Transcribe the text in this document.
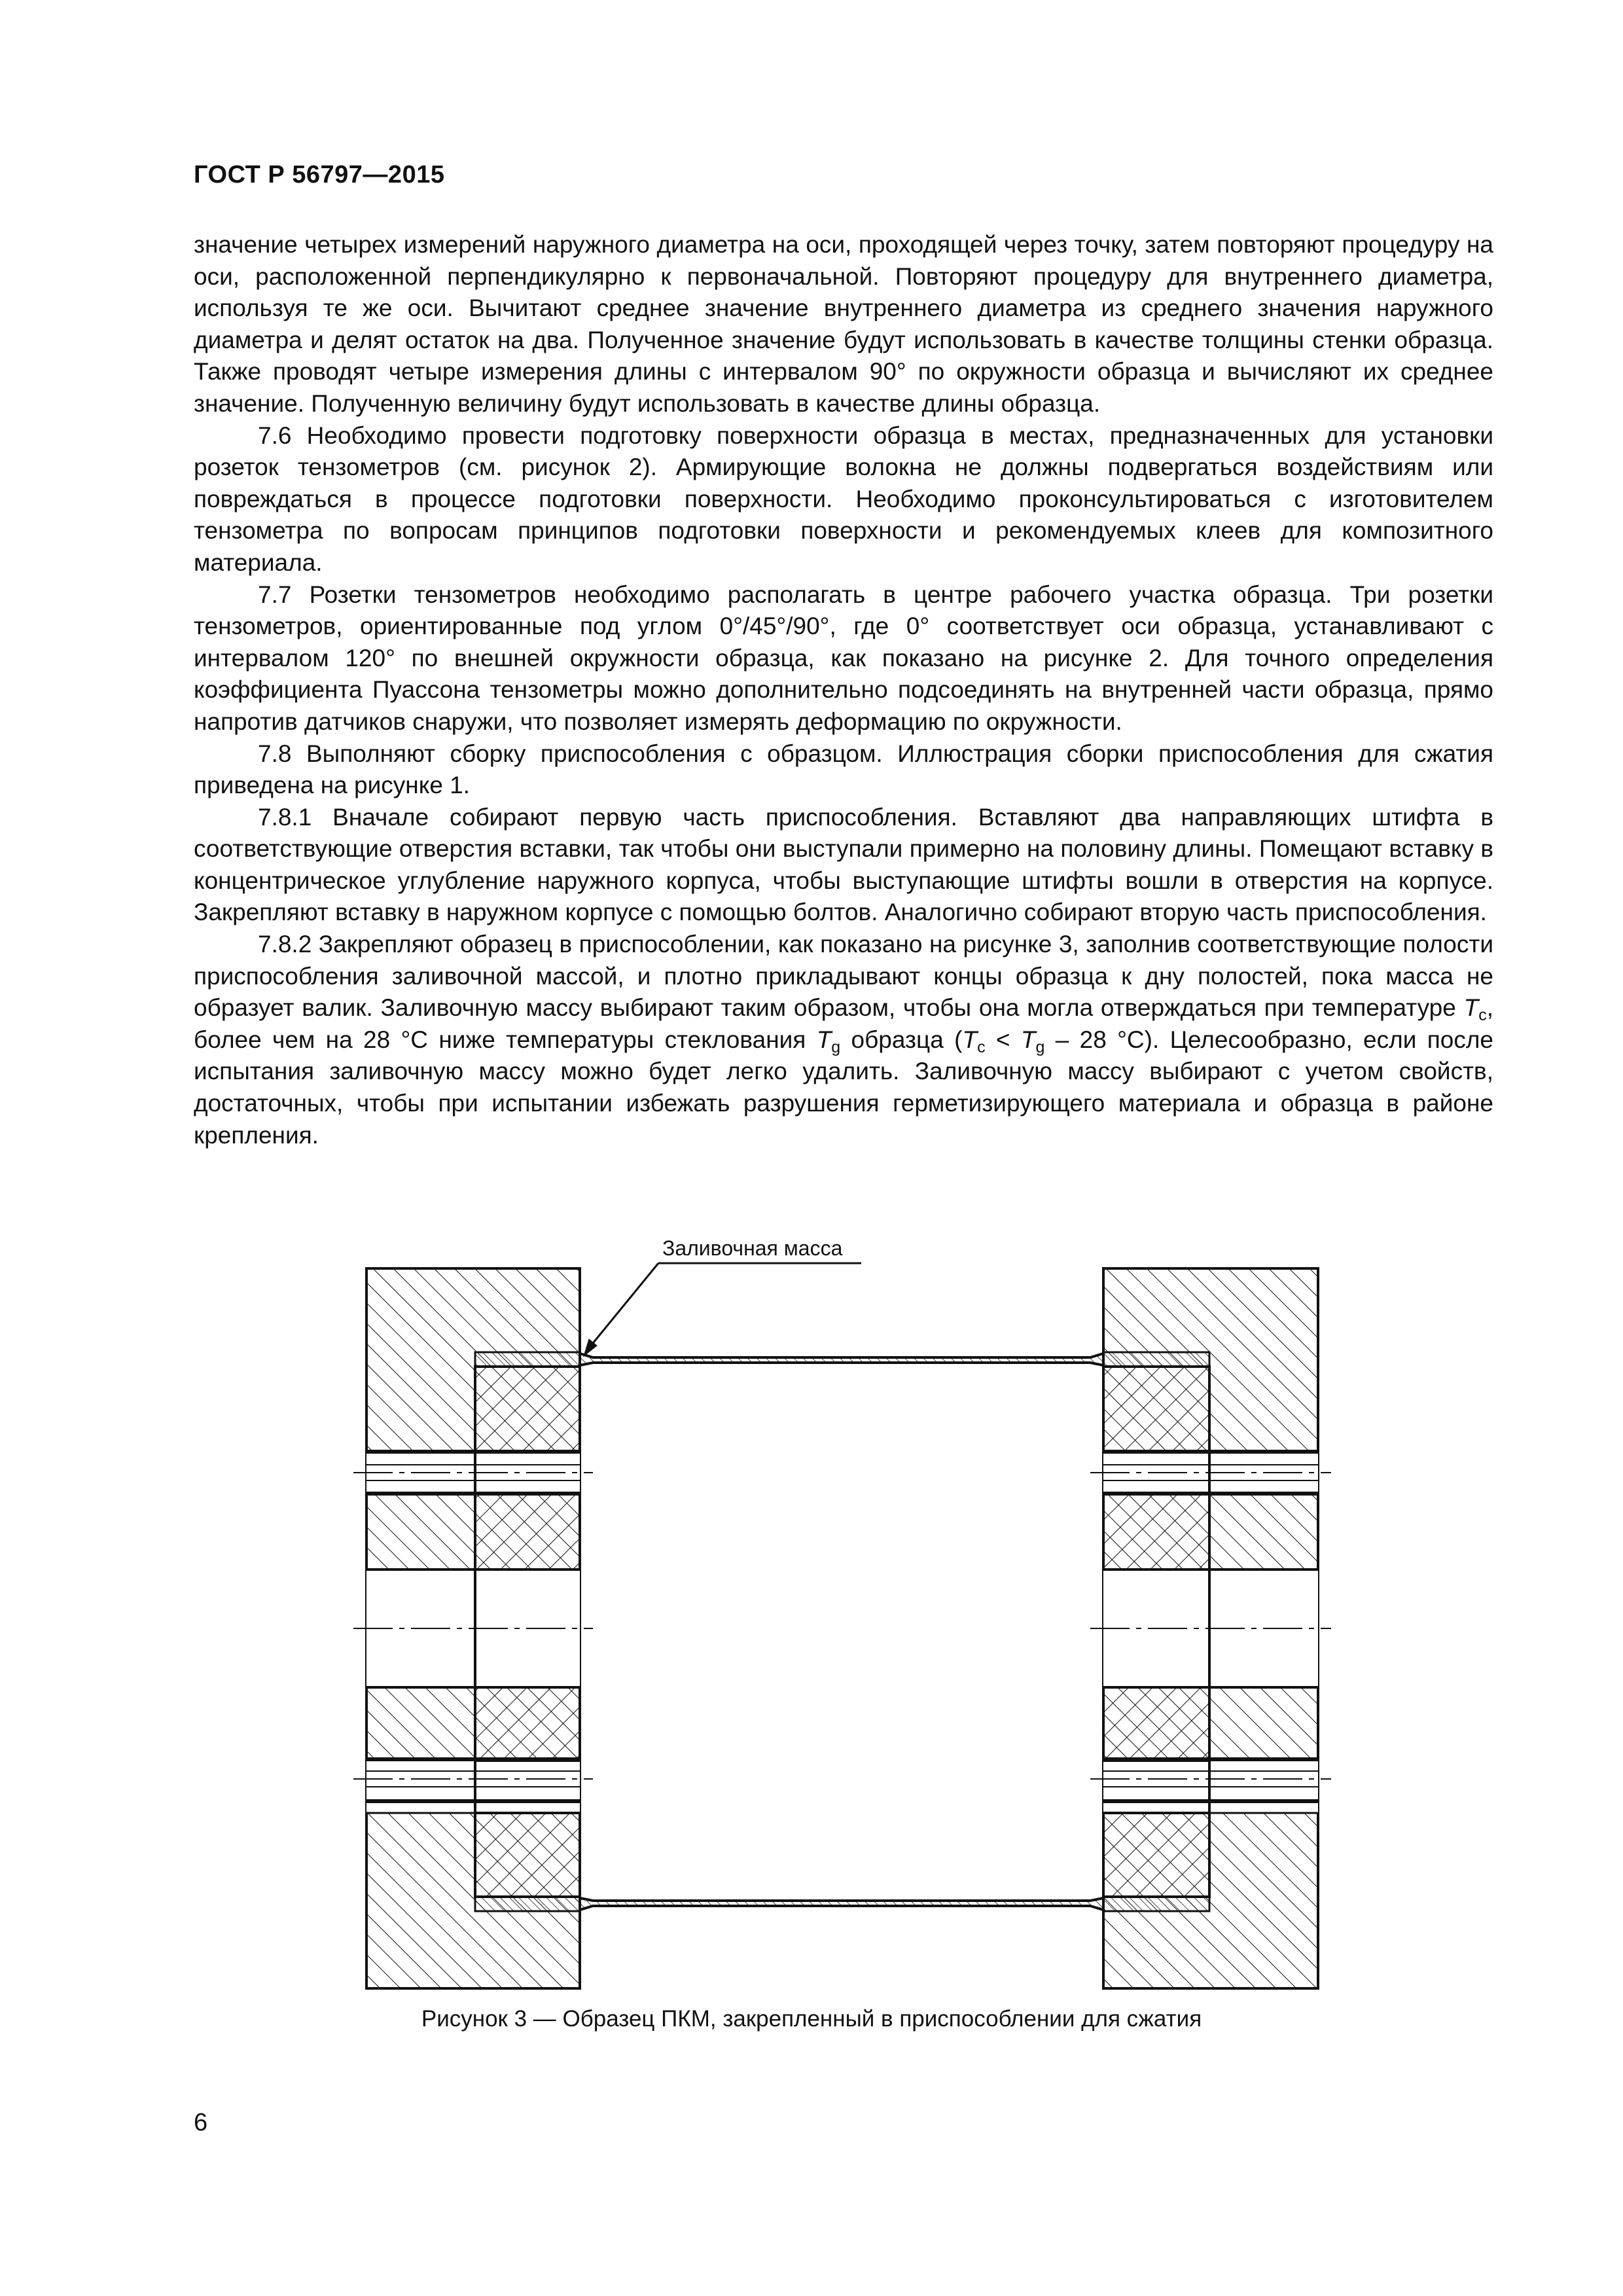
ГОСТ Р 56797—2015

значение четырех измерений наружного диаметра на оси, проходящей через точку, затем повторяют процедуру на оси, расположенной перпендикулярно к первоначальной. Повторяют процедуру для внутреннего диаметра, используя те же оси. Вычитают среднее значение внутреннего диаметра из среднего значения наружного диаметра и делят остаток на два. Полученное значение будут использовать в качестве толщины стенки образца. Также проводят четыре измерения длины с интервалом 90° по окружности образца и вычисляют их среднее значение. Полученную величину будут использовать в качестве длины образца.

7.6 Необходимо провести подготовку поверхности образца в местах, предназначенных для установки розеток тензометров (см. рисунок 2). Армирующие волокна не должны подвергаться воздействиям или повреждаться в процессе подготовки поверхности. Необходимо проконсультироваться с изготовителем тензометра по вопросам принципов подготовки поверхности и рекомендуемых клеев для композитного материала.

7.7 Розетки тензометров необходимо располагать в центре рабочего участка образца. Три розетки тензометров, ориентированные под углом 0°/45°/90°, где 0° соответствует оси образца, устанавливают с интервалом 120° по внешней окружности образца, как показано на рисунке 2. Для точного определения коэффициента Пуассона тензометры можно дополнительно подсоединять на внутренней части образца, прямо напротив датчиков снаружи, что позволяет измерять деформацию по окружности.

7.8 Выполняют сборку приспособления с образцом. Иллюстрация сборки приспособления для сжатия приведена на рисунке 1.

7.8.1 Вначале собирают первую часть приспособления. Вставляют два направляющих штифта в соответствующие отверстия вставки, так чтобы они выступали примерно на половину длины. Помещают вставку в концентрическое углубление наружного корпуса, чтобы выступающие штифты вошли в отверстия на корпусе. Закрепляют вставку в наружном корпусе с помощью болтов. Аналогично собирают вторую часть приспособления.

7.8.2 Закрепляют образец в приспособлении, как показано на рисунке 3, заполнив соответствующие полости приспособления заливочной массой, и плотно прикладывают концы образца к дну полостей, пока масса не образует валик. Заливочную массу выбирают таким образом, чтобы она могла отверждаться при температуре $T_c$, более чем на 28 °С ниже температуры стеклования $T_g$ образца ($T_c < T_g - 28$ °С). Целесообразно, если после испытания заливочную массу можно будет легко удалить. Заливочную массу выбирают с учетом свойств, достаточных, чтобы при испытании избежать разрушения герметизирующего материала и образца в районе крепления.

Заливочная масса
Рисунок 3 — Образец ПКМ, закрепленный в приспособлении для сжатия
6
